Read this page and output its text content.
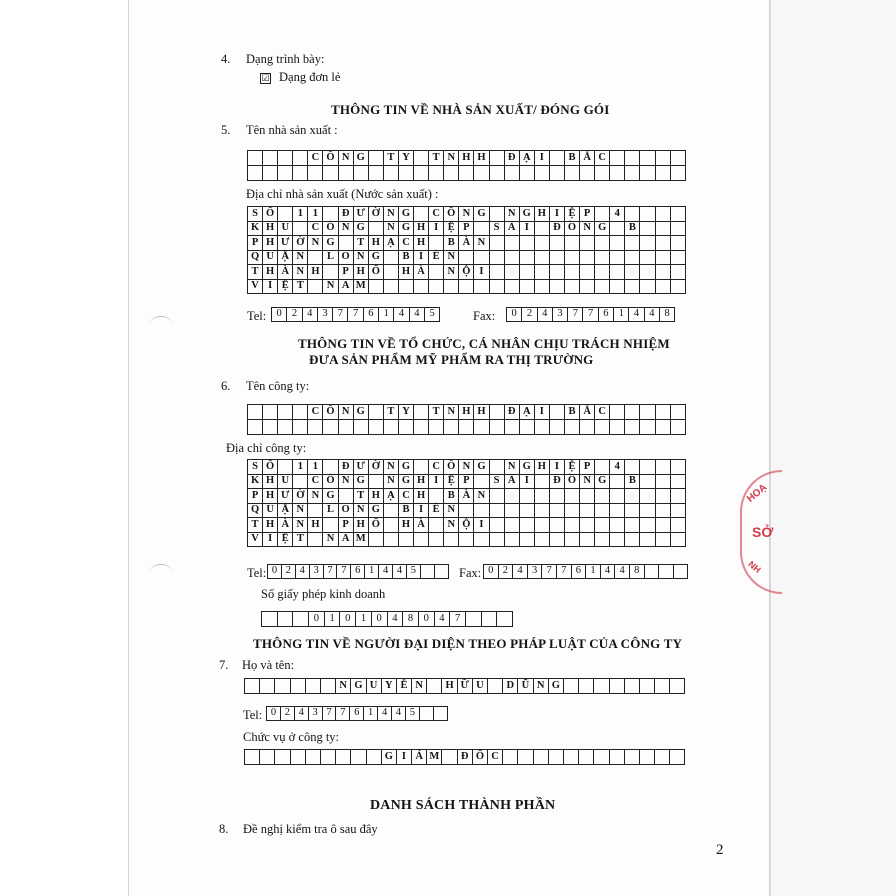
4. Dạng trình bày:
☑ Dạng đơn lẻ
THÔNG TIN VỀ NHÀ SẢN XUẤT/ ĐÓNG GÓI
5. Tên nhà sản xuất :
C Ô N G	T Y	T N H H	Đ Ạ I	B Ắ C
Địa chỉ nhà sản xuất (Nước sản xuất) :
S Ố	1 1	Đ Ư Ờ N G	C Ô N G	N G H I Ệ P	4
K H U	C Ô N G	N G H I Ệ P	S À I	Đ Ồ N G	B
P H Ư Ờ N G	T H Ạ C H	B À N
Q U Ậ N	L O N G	B I Ê N
T H À N H	P H Ố	H À	N Ộ I
V I Ệ T	N A M
Tel: 0 2 4 3 7 7 6 1 4 4 5	Fax:	0 2 4 3 7 7 6 1 4 4 8
THÔNG TIN VỀ TỔ CHỨC, CÁ NHÂN CHỊU TRÁCH NHIỆM
ĐƯA SẢN PHẨM MỸ PHẨM RA THỊ TRƯỜNG
6. Tên công ty:
C Ô N G	T Y	T N H H	Đ Ạ I	B Ắ C
Địa chỉ công ty:
S Ố	1 1	Đ Ư Ờ N G	C Ô N G	N G H I Ệ P	4
K H U	C Ô N G	N G H I Ệ P	S À I	Đ Ồ N G	B
P H Ư Ờ N G	T H Ạ C H	B À N
Q U Ậ N	L O N G	B I Ê N
T H À N H	P H Ố	H À	N Ộ I
V I Ệ T	N A M
Tel: 0 2 4 3 7 7 6 1 4 4 5	Fax: 0 2 4 3 7 7 6 1 4 4 8
Số giấy phép kinh doanh
0 1 0 1 0 4 8 0 4 7
THÔNG TIN VỀ NGƯỜI ĐẠI DIỆN THEO PHÁP LUẬT CỦA CÔNG TY
7. Họ và tên:
N G U Y Ễ N	H Ữ U	D Ũ N G
Tel: 0 2 4 3 7 7 6 1 4 4 5
Chức vụ ở công ty:
G I Á M	Đ Ố C
DANH SÁCH THÀNH PHẦN
8. Đề nghị kiểm tra ô sau đây
2
HOẠ
SỞ
NH
